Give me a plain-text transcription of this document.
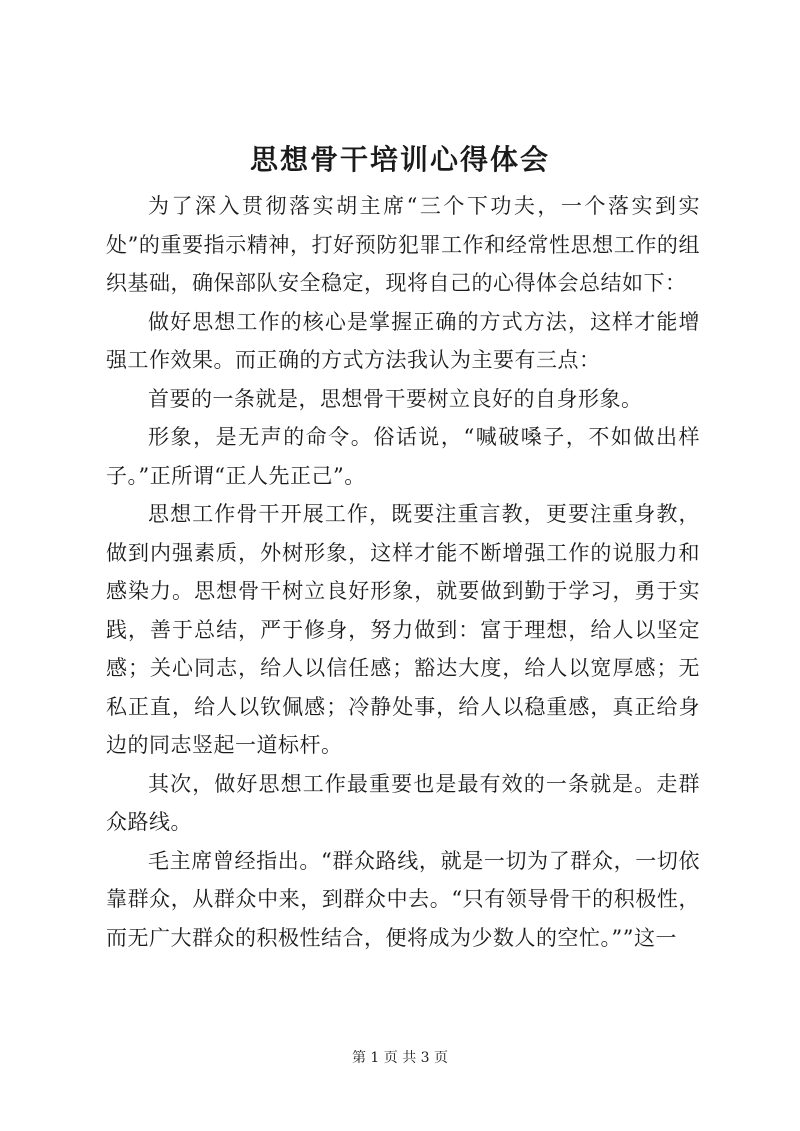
思想骨干培训心得体会

为了深入贯彻落实胡主席“三个下功夫，一个落实到实处”的重要指示精神，打好预防犯罪工作和经常性思想工作的组织基础，确保部队安全稳定，现将自己的心得体会总结如下：

做好思想工作的核心是掌握正确的方式方法，这样才能增强工作效果。而正确的方式方法我认为主要有三点：

首要的一条就是，思想骨干要树立良好的自身形象。

形象，是无声的命令。俗话说，“喊破嗓子，不如做出样子。”正所谓“正人先正己”。

思想工作骨干开展工作，既要注重言教，更要注重身教，做到内强素质，外树形象，这样才能不断增强工作的说服力和感染力。思想骨干树立良好形象，就要做到勤于学习，勇于实践，善于总结，严于修身，努力做到：富于理想，给人以坚定感；关心同志，给人以信任感；豁达大度，给人以宽厚感；无私正直，给人以钦佩感；冷静处事，给人以稳重感，真正给身边的同志竖起一道标杆。

其次，做好思想工作最重要也是最有效的一条就是。走群众路线。

毛主席曾经指出。“群众路线，就是一切为了群众，一切依靠群众，从群众中来，到群众中去。“只有领导骨干的积极性，而无广大群众的积极性结合，便将成为少数人的空忙。””这一

第 1 页 共 3 页
